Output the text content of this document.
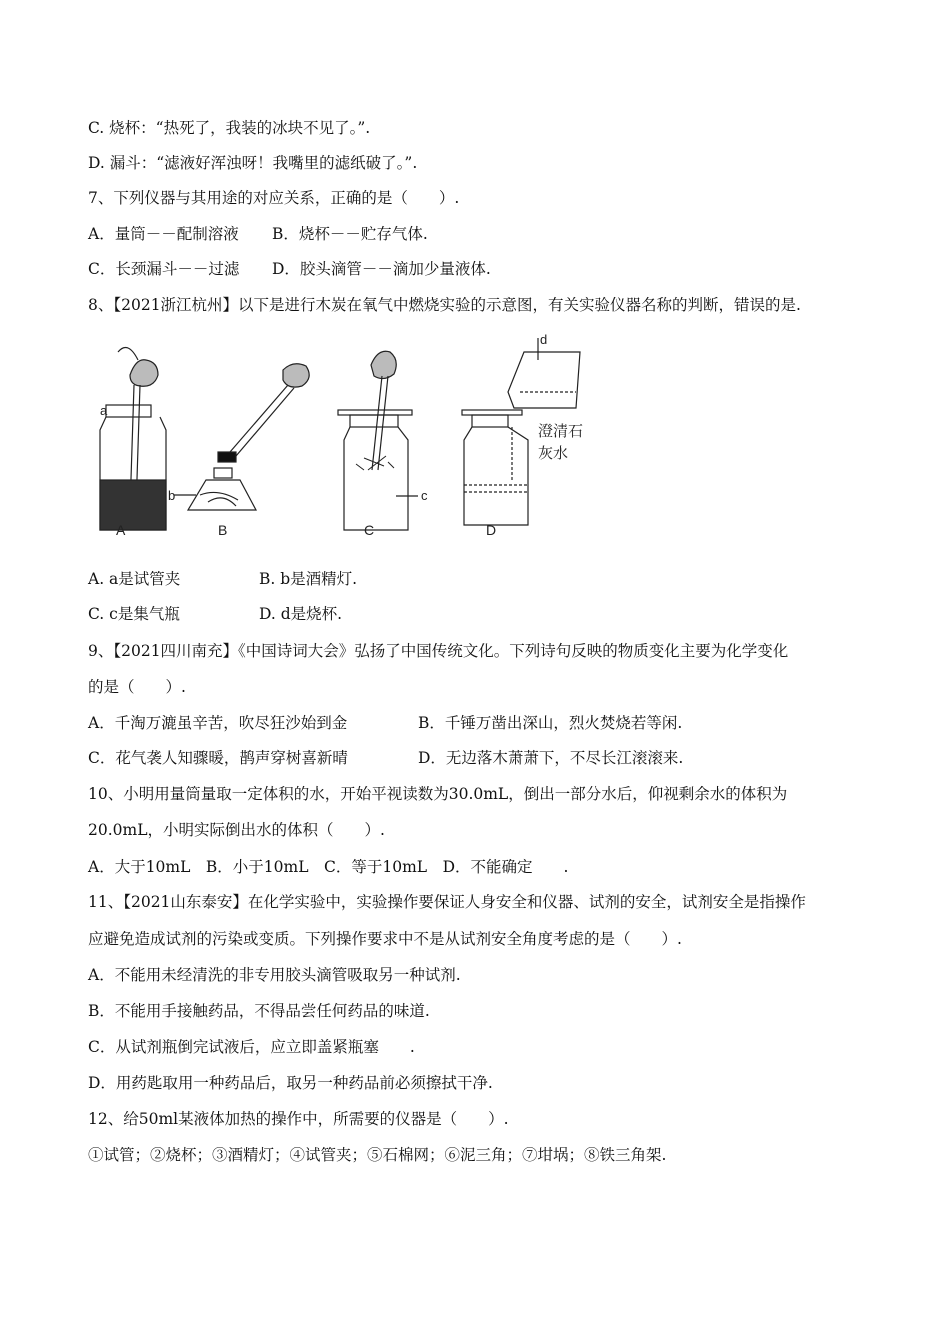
C. 烧杯：“热死了，我装的冰块不见了。”.
D. 漏斗：“滤液好浑浊呀！我嘴里的滤纸破了。”.
7、下列仪器与其用途的对应关系，正确的是（　　）.
A．量筒－－配制溶液 B．烧杯－－贮存气体.
C．长颈漏斗－－过滤 D．胶头滴管－－滴加少量液体.
8、【2021浙江杭州】以下是进行木炭在氧气中燃烧实验的示意图，有关实验仪器名称的判断，错误的是.
a
A
b
B
c
C
d
澄清石
灰水
D
A. a是试管夹	B. b是酒精灯.
C. c是集气瓶	D. d是烧杯.
9、【2021四川南充】《中国诗词大会》弘扬了中国传统文化。下列诗句反映的物质变化主要为化学变化
的是（　　）.
A．千淘万漉虽辛苦，吹尽狂沙始到金	B．千锤万凿出深山，烈火焚烧若等闲.
C．花气袭人知骤暖，鹊声穿树喜新晴	D．无边落木萧萧下，不尽长江滚滚来.
10、小明用量筒量取一定体积的水，开始平视读数为30.0mL，倒出一部分水后，仰视剩余水的体积为
20.0mL，小明实际倒出水的体积（　　）.
A．大于10mL　B．小于10mL　C．等于10mL　D．不能确定　　.
11、【2021山东泰安】在化学实验中，实验操作要保证人身安全和仪器、试剂的安全，试剂安全是指操作
应避免造成试剂的污染或变质。下列操作要求中不是从试剂安全角度考虑的是（　　）.
A．不能用未经清洗的非专用胶头滴管吸取另一种试剂.
B．不能用手接触药品，不得品尝任何药品的味道.
C．从试剂瓶倒完试液后，应立即盖紧瓶塞　　.
D．用药匙取用一种药品后，取另一种药品前必须擦拭干净.
12、给50ml某液体加热的操作中，所需要的仪器是（　　）.
①试管；②烧杯；③酒精灯；④试管夹；⑤石棉网；⑥泥三角；⑦坩埚；⑧铁三角架.
